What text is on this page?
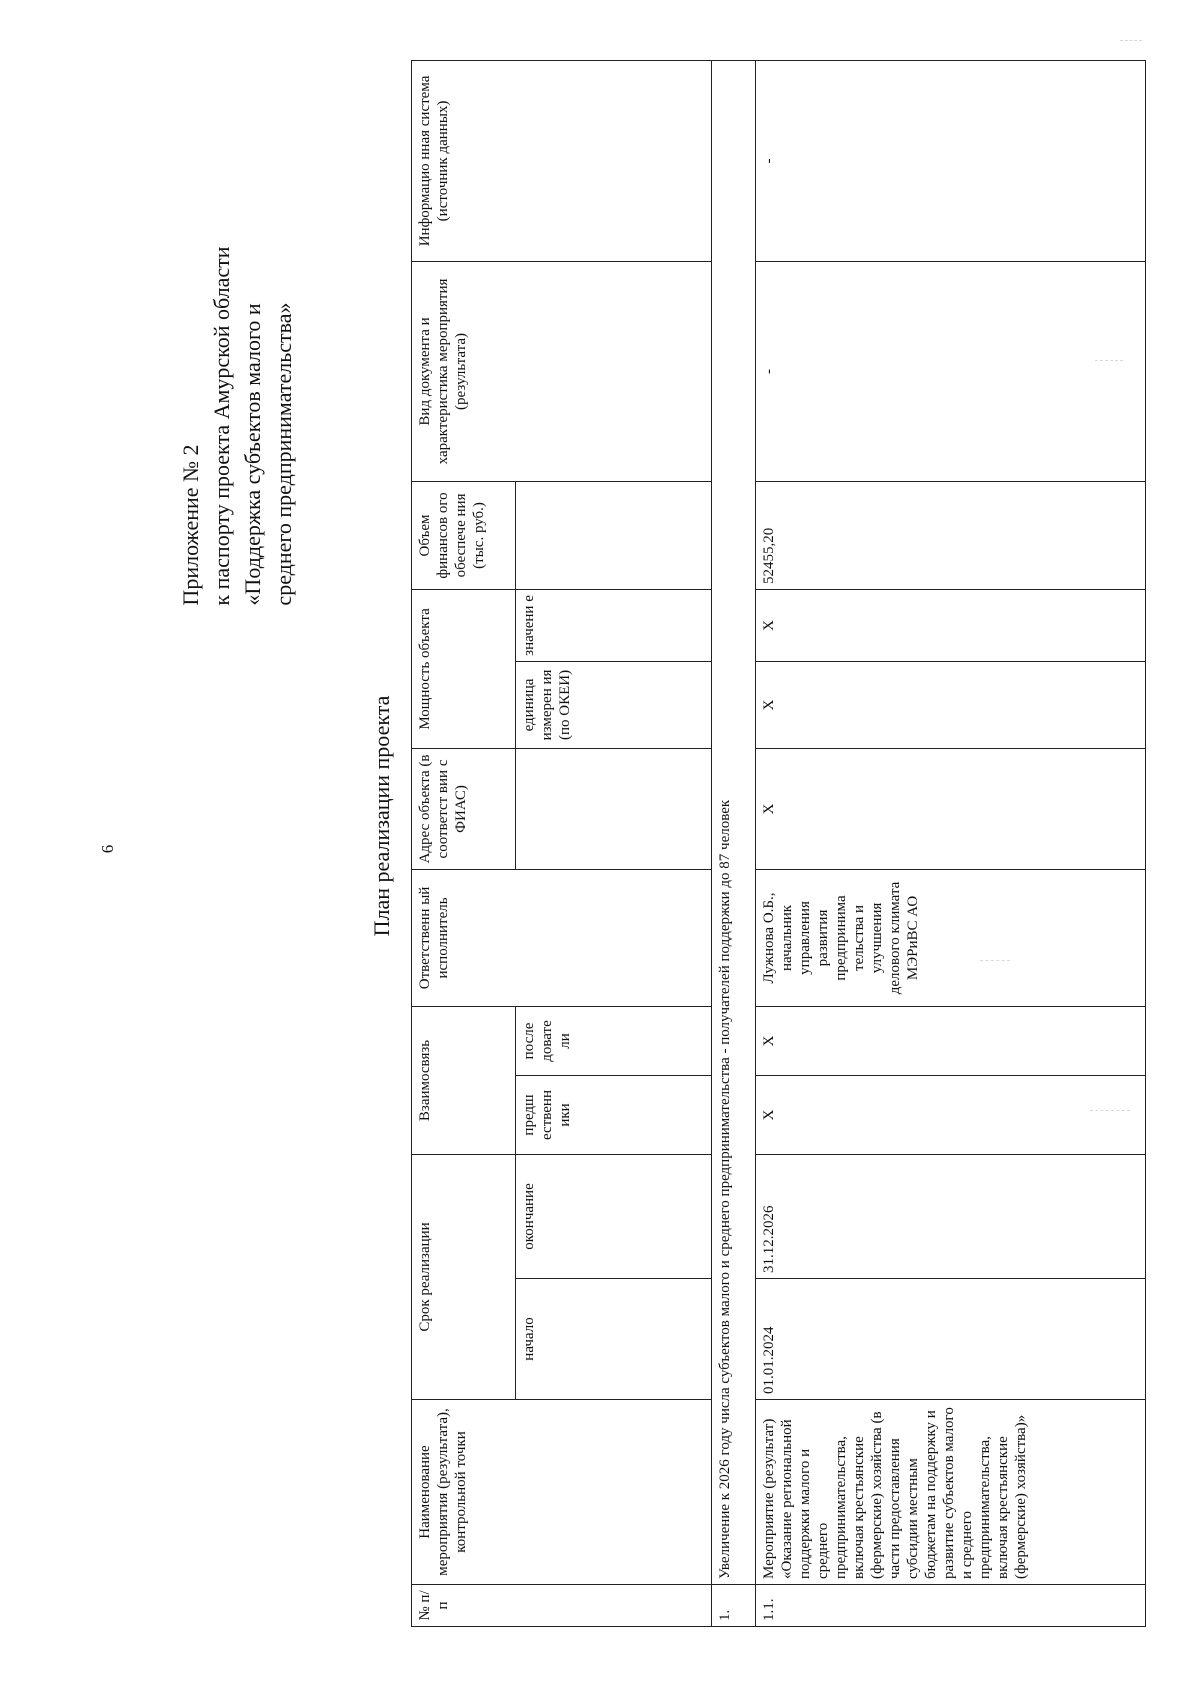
6
Приложение № 2 к паспорту проекта Амурской области «Поддержка субъектов малого и среднего предпринимательства»
План реализации проекта
№ п/п	Наименование мероприятия (результата), контрольной точки	Срок реализации		Взаимосвязь		Ответственн ый исполнитель	Адрес объекта (в соответст вии с ФИАС)	Мощность объекта		Объем финансов ого обеспече ния (тыс. руб.)	Вид документа и характеристика мероприятия (результата)	Информацио нная система (источник данных)
		начало	окончание	предш ественн ики	после довате ли			единица измерен ия (по ОКЕИ)	значени е			
1.	Увеличение к 2026 году числа субъектов малого и среднего предпринимательства - получателей поддержки до 87 человек											
1.1.	Мероприятие (результат) «Оказание региональной поддержки малого и среднего предпринимательства, включая крестьянские (фермерские) хозяйства (в части предоставления субсидии местным бюджетам на поддержку и развитие субъектов малого и среднего предпринимательства, включая крестьянские (фермерские) хозяйства)»	01.01.2024	31.12.2026	Х	Х	Лужнова О.Б., начальник управления развития предпринима тельства и улучшения делового климата МЭРиВС АО	Х	Х	Х	52455,20	-	-
